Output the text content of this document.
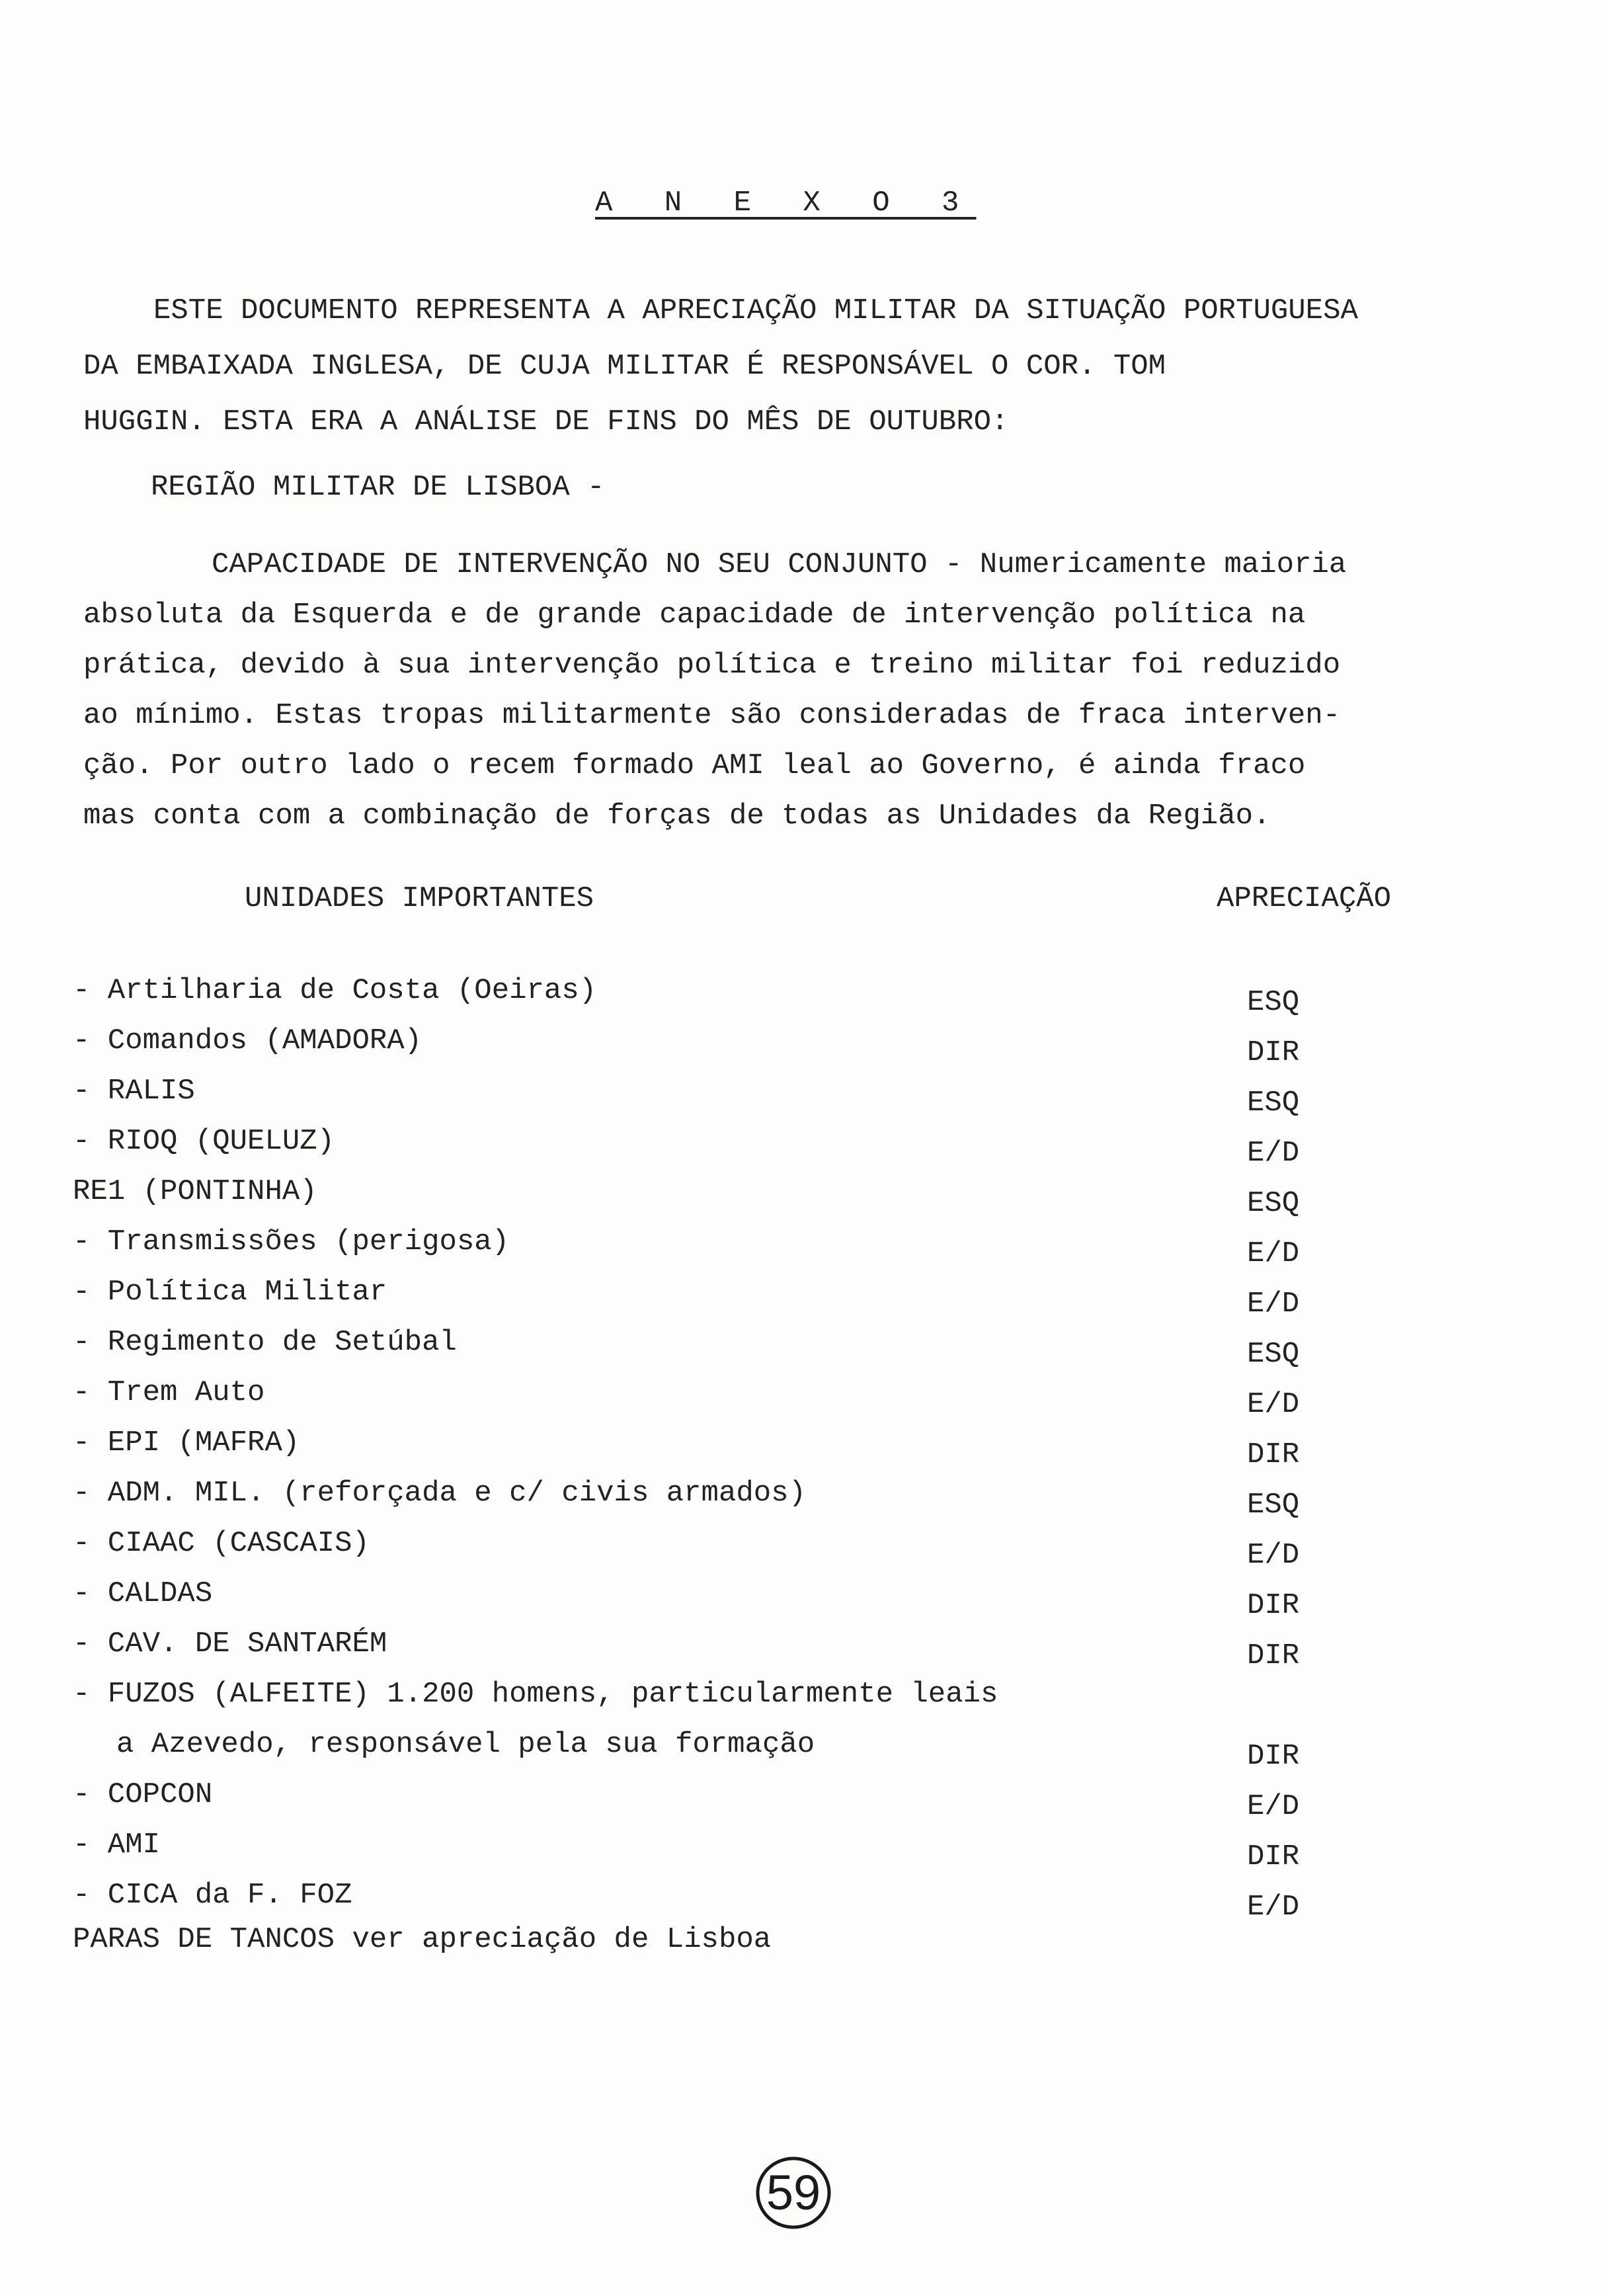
A N E X O 3
ESTE DOCUMENTO REPRESENTA A APRECIAÇÃO MILITAR DA SITUAÇÃO PORTUGUESA
DA EMBAIXADA INGLESA, DE CUJA MILITAR É RESPONSÁVEL O COR. TOM
HUGGIN. ESTA ERA A ANÁLISE DE FINS DO MÊS DE OUTUBRO:
REGIÃO MILITAR DE LISBOA -
CAPACIDADE DE INTERVENÇÃO NO SEU CONJUNTO - Numericamente maioria
absoluta da Esquerda e de grande capacidade de intervenção política na
prática, devido à sua intervenção política e treino militar foi reduzido
ao mínimo. Estas tropas militarmente são consideradas de fraca interven-
ção. Por outro lado o recem formado AMI leal ao Governo, é ainda fraco
mas conta com a combinação de forças de todas as Unidades da Região.
UNIDADES IMPORTANTES	APRECIAÇÃO
- Artilharia de Costa (Oeiras)	ESQ
- Comandos (AMADORA)	DIR
- RALIS	ESQ
- RIOQ (QUELUZ)	E/D
RE1 (PONTINHA)	ESQ
- Transmissões (perigosa)	E/D
- Política Militar	E/D
- Regimento de Setúbal	ESQ
- Trem Auto	E/D
- EPI (MAFRA)	DIR
- ADM. MIL. (reforçada e c/ civis armados)	ESQ
- CIAAC (CASCAIS)	E/D
- CALDAS	DIR
- CAV. DE SANTARÉM	DIR
- FUZOS (ALFEITE) 1.200 homens, particularmente leais
a Azevedo, responsável pela sua formação	DIR
- COPCON	E/D
- AMI	DIR
- CICA da F. FOZ	E/D
PARAS DE TANCOS ver apreciação de Lisboa
59
